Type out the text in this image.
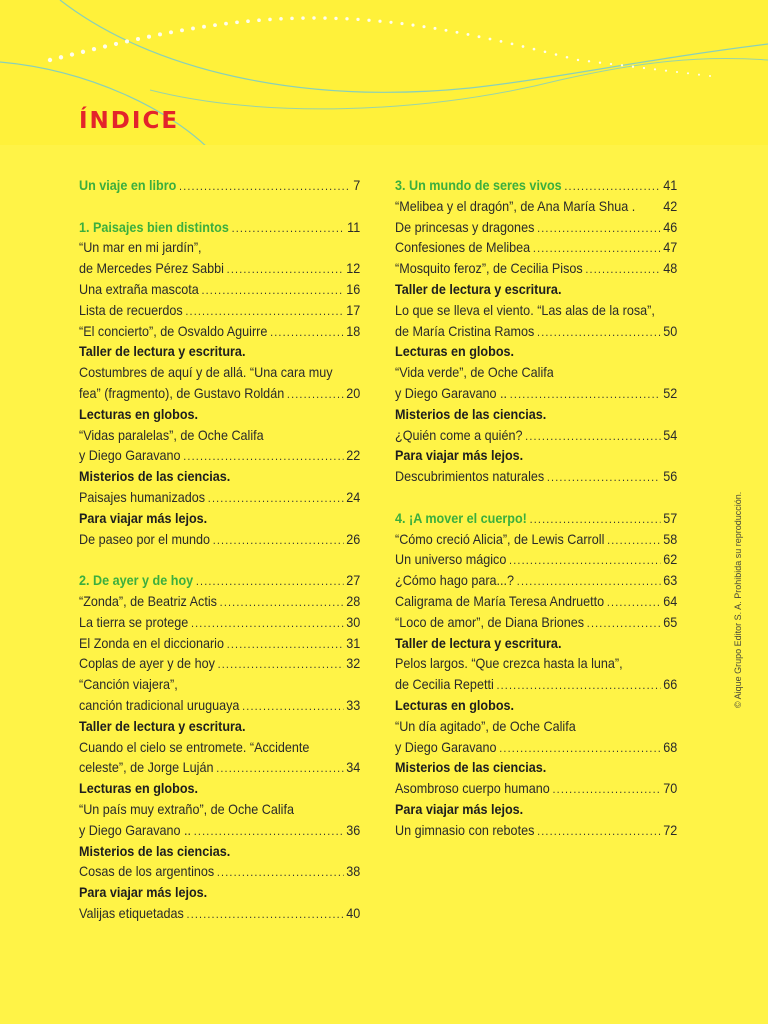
ÍNDICE
Un viaje en libro .....	7
1. Paisajes bien distintos .....	11
“Un mar en mi jardín”,
de Mercedes Pérez Sabbi .....	12
Una extraña mascota .....	16
Lista de recuerdos .....	17
“El concierto”, de Osvaldo Aguirre .....	18
Taller de lectura y escritura.
Costumbres de aquí y de allá. “Una cara muy
fea” (fragmento), de Gustavo Roldán .....	20
Lecturas en globos.
“Vidas paralelas”, de Oche Califa
y Diego Garavano .....	22
Misterios de las ciencias.
Paisajes humanizados .....	24
Para viajar más lejos.
De paseo por el mundo .....	26
2. De ayer y de hoy .....	27
“Zonda”, de Beatriz Actis .....	28
La tierra se protege .....	30
El Zonda en el diccionario .....	31
Coplas de ayer y de hoy .....	32
“Canción viajera”,
canción tradicional uruguaya .....	33
Taller de lectura y escritura.
Cuando el cielo se entromete. “Accidente
celeste”, de Jorge Luján .....	34
Lecturas en globos.
“Un país muy extraño”, de Oche Califa
y Diego Garavano .. .....	36
Misterios de las ciencias.
Cosas de los argentinos .....	38
Para viajar más lejos.
Valijas etiquetadas .....	40
3. Un mundo de seres vivos .....	41
“Melibea y el dragón”, de Ana María Shua . 42
De princesas y dragones .....	46
Confesiones de Melibea .....	47
“Mosquito feroz”, de Cecilia Pisos .....	48
Taller de lectura y escritura.
Lo que se lleva el viento. “Las alas de la rosa”,
de María Cristina Ramos .....	50
Lecturas en globos.
“Vida verde”, de Oche Califa
y Diego Garavano .. .....	52
Misterios de las ciencias.
¿Quién come a quién? .....	54
Para viajar más lejos.
Descubrimientos naturales .....	56
4. ¡A mover el cuerpo! .....	57
“Cómo creció Alicia”, de Lewis Carroll .....	58
Un universo mágico .....	62
¿Cómo hago para...? .....	63
Caligrama de María Teresa Andruetto .....	64
“Loco de amor”, de Diana Briones .....	65
Taller de lectura y escritura.
Pelos largos. “Que crezca hasta la luna”,
de Cecilia Repetti .....	66
Lecturas en globos.
“Un día agitado”, de Oche Califa
y Diego Garavano .....	68
Misterios de las ciencias.
Asombroso cuerpo humano .....	70
Para viajar más lejos.
Un gimnasio con rebotes .....	72
© Aique Grupo Editor S. A. Prohibida su reproducción.
